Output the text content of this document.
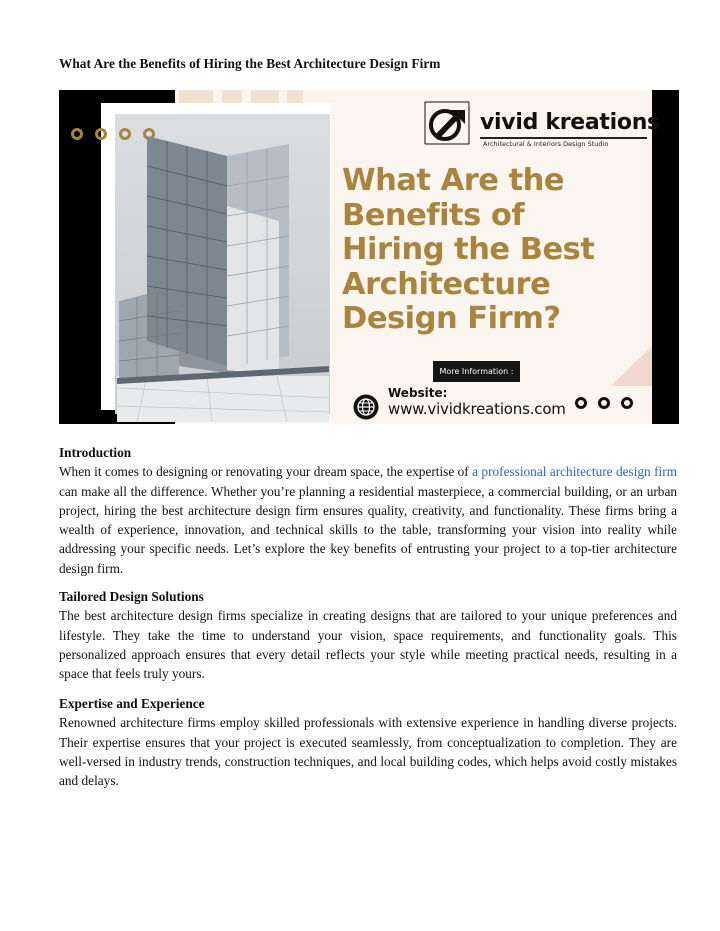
What Are the Benefits of Hiring the Best Architecture Design Firm
vivid kreations
Architectural & Interiors Design Studio
What Are the
Benefits of
Hiring the Best
Architecture
Design Firm?
More Information :
Website:
www.vividkreations.com
Introduction

When it comes to designing or renovating your dream space, the expertise of a professional architecture design firm can make all the difference. Whether you’re planning a residential masterpiece, a commercial building, or an urban project, hiring the best architecture design firm ensures quality, creativity, and functionality. These firms bring a wealth of experience, innovation, and technical skills to the table, transforming your vision into reality while addressing your specific needs. Let’s explore the key benefits of entrusting your project to a top-tier architecture design firm.

Tailored Design Solutions

The best architecture design firms specialize in creating designs that are tailored to your unique preferences and lifestyle. They take the time to understand your vision, space requirements, and functionality goals. This personalized approach ensures that every detail reflects your style while meeting practical needs, resulting in a space that feels truly yours.

Expertise and Experience

Renowned architecture firms employ skilled professionals with extensive experience in handling diverse projects. Their expertise ensures that your project is executed seamlessly, from conceptualization to completion. They are well-versed in industry trends, construction techniques, and local building codes, which helps avoid costly mistakes and delays.
